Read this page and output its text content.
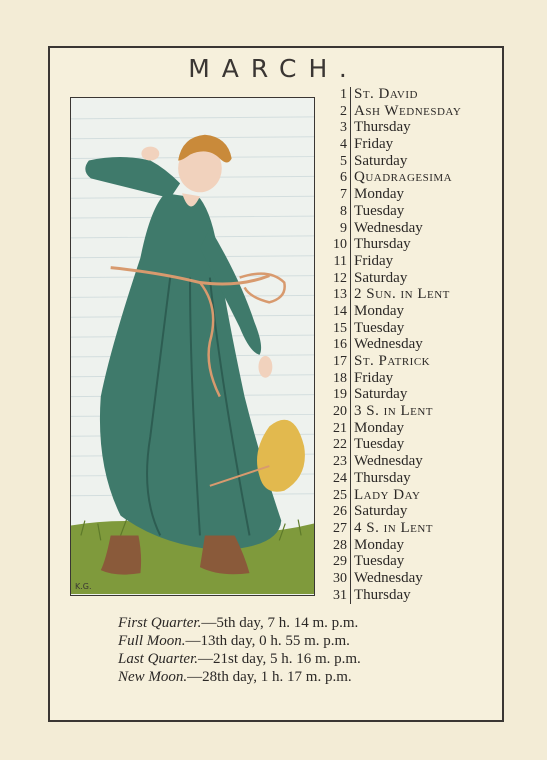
MARCH.
K.G.
1 St. David
2 Ash Wednesday
3 Thursday
4 Friday
5 Saturday
6 Quadragesima
7 Monday
8 Tuesday
9 Wednesday
10 Thursday
11 Friday
12 Saturday
13 2 Sun. in Lent
14 Monday
15 Tuesday
16 Wednesday
17 St. Patrick
18 Friday
19 Saturday
20 3 S. in Lent
21 Monday
22 Tuesday
23 Wednesday
24 Thursday
25 Lady Day
26 Saturday
27 4 S. in Lent
28 Monday
29 Tuesday
30 Wednesday
31 Thursday
First Quarter.—5th day, 7 h. 14 m. p.m.
Full Moon.—13th day, 0 h. 55 m. p.m.
Last Quarter.—21st day, 5 h. 16 m. p.m.
New Moon.—28th day, 1 h. 17 m. p.m.
